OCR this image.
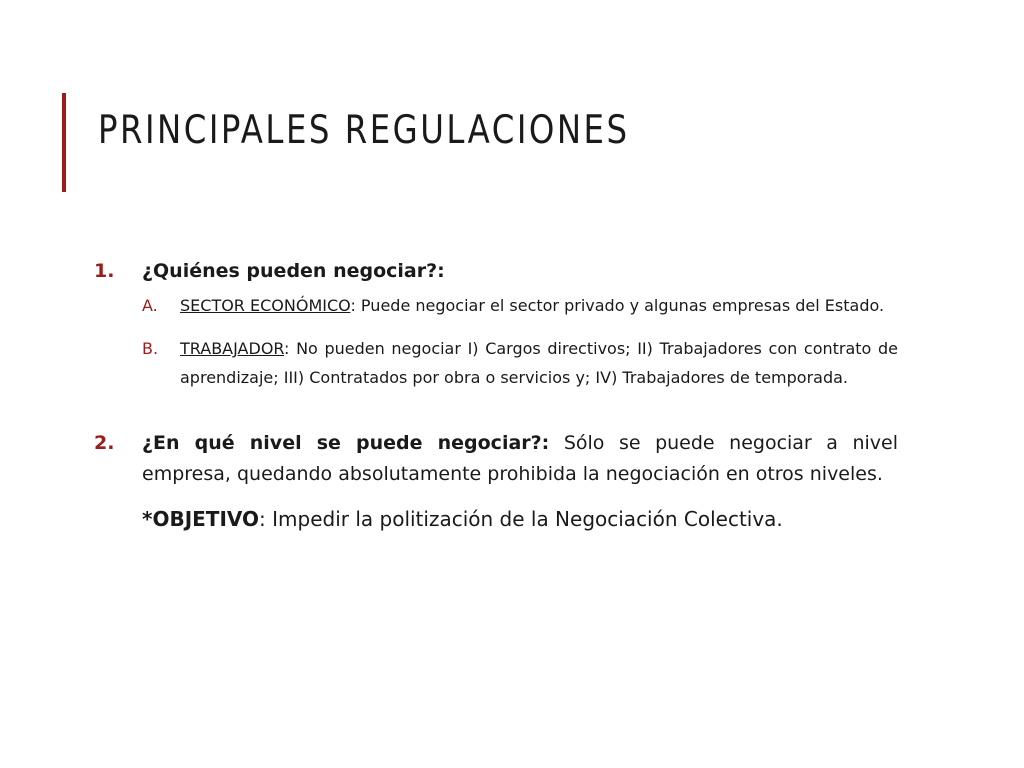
PRINCIPALES REGULACIONES
1.	¿Quiénes pueden negociar?:
A.	SECTOR ECONÓMICO: Puede negociar el sector privado y algunas empresas del Estado.
B.	TRABAJADOR: No pueden negociar I) Cargos directivos; II) Trabajadores con contrato de aprendizaje; III) Contratados por obra o servicios y; IV) Trabajadores de temporada.
2.	¿En qué nivel se puede negociar?: Sólo se puede negociar a nivel empresa, quedando absolutamente prohibida la negociación en otros niveles.
*OBJETIVO: Impedir la politización de la Negociación Colectiva.
